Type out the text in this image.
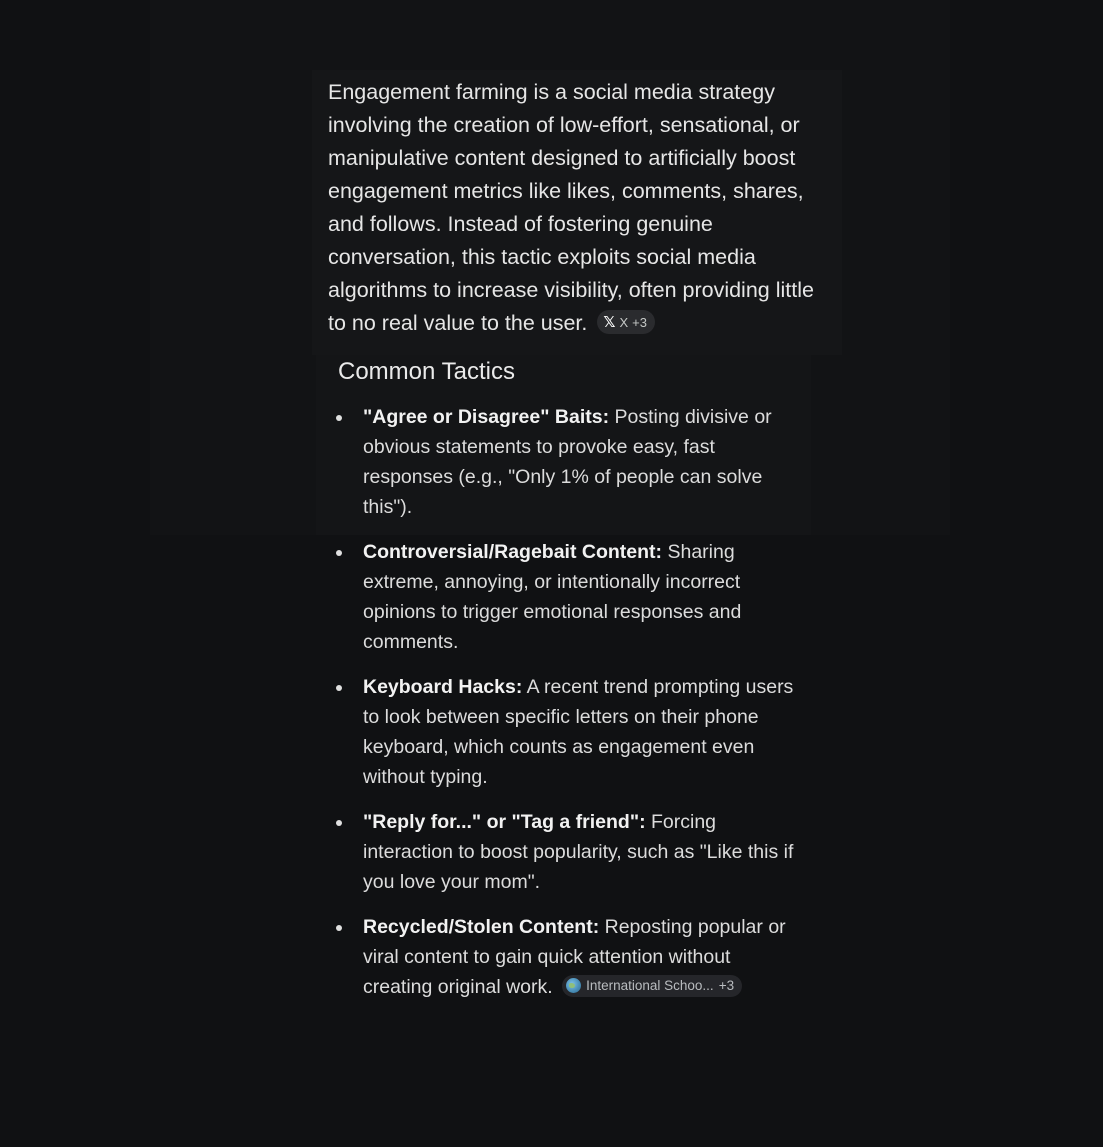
Engagement farming is a social media strategy involving the creation of low-effort, sensational, or manipulative content designed to artificially boost engagement metrics like likes, comments, shares, and follows. Instead of fostering genuine conversation, this tactic exploits social media algorithms to increase visibility, often providing little to no real value to the user. 𝕏 X +3

Common Tactics
"Agree or Disagree" Baits: Posting divisive or obvious statements to provoke easy, fast responses (e.g., "Only 1% of people can solve this").
Controversial/Ragebait Content: Sharing extreme, annoying, or intentionally incorrect opinions to trigger emotional responses and comments.
Keyboard Hacks: A recent trend prompting users to look between specific letters on their phone keyboard, which counts as engagement even without typing.
"Reply for..." or "Tag a friend": Forcing interaction to boost popularity, such as "Like this if you love your mom".
Recycled/Stolen Content: Reposting popular or viral content to gain quick attention without creating original work. International Schoo... +3
